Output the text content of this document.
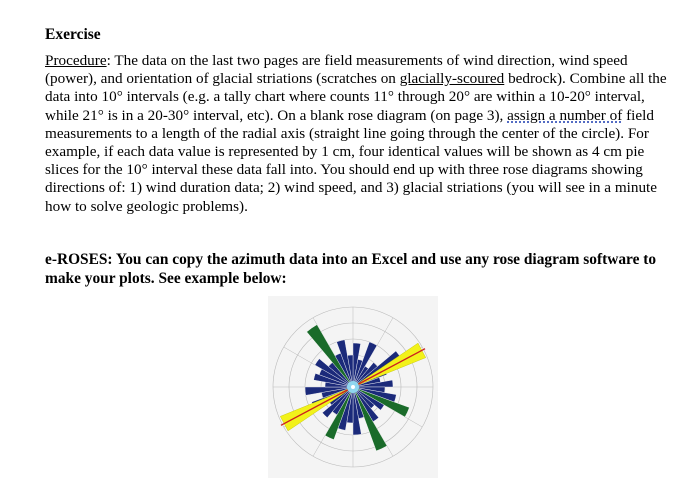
Exercise

Procedure: The data on the last two pages are field measurements of wind direction, wind speed (power), and orientation of glacial striations (scratches on glacially-scoured bedrock). Combine all the data into 10° intervals (e.g. a tally chart where counts 11° through 20° are within a 10-20° interval, while 21° is in a 20-30° interval, etc). On a blank rose diagram (on page 3), assign a number of field measurements to a length of the radial axis (straight line going through the center of the circle). For example, if each data value is represented by 1 cm, four identical values will be shown as 4 cm pie slices for the 10° interval these data fall into. You should end up with three rose diagrams showing directions of: 1) wind duration data; 2) wind speed, and 3) glacial striations (you will see in a minute how to solve geologic problems).

e-ROSES: You can copy the azimuth data into an Excel and use any rose diagram software to make your plots. See example below:
